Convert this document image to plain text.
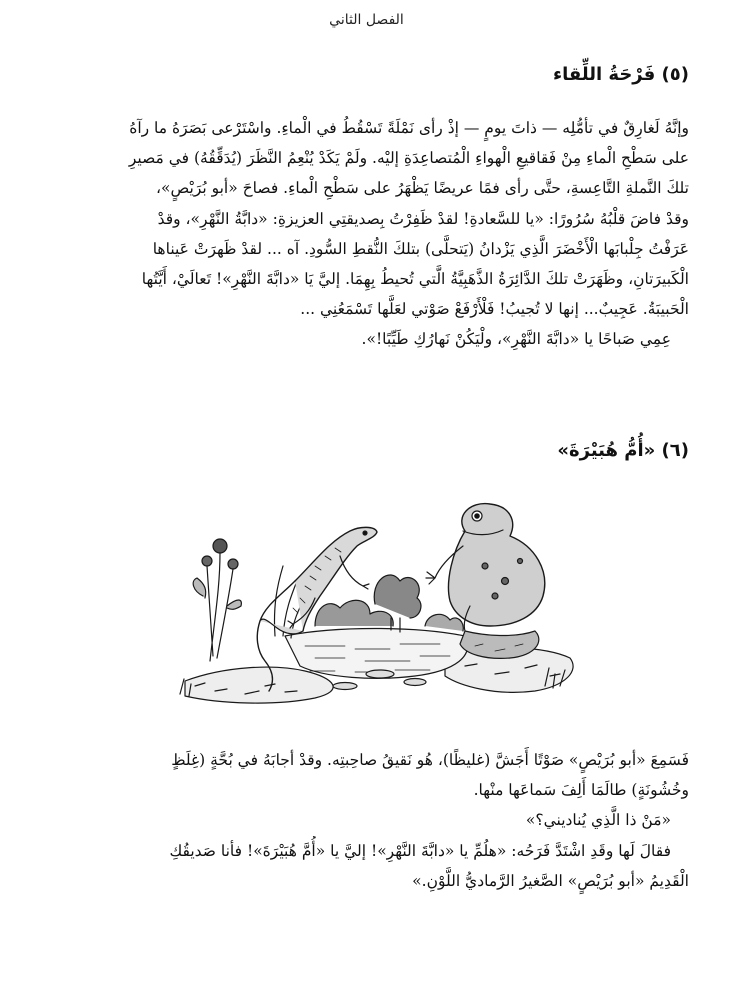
الفصل الثاني
(٥) فَرْحَةُ اللِّقاء
وإنَّهُ لَغارِقٌ في تأمُّلِه — ذاتَ يومٍ — إذْ رأى نَمْلَةً تَسْقُطُ في الْماءِ. واسْتَرْعى بَصَرَهُ ما رآهُ
على سَطْحِ الْماءِ مِنْ فَقاقيعِ الْهواءِ الْمُتصاعِدَةِ إليْه. ولَمْ يَكَدْ يُنْعِمُ النَّظَرَ (يُدَقِّقُهُ) في مَصيرِ
تلكَ النَّملةِ التَّاعِسةِ، حتَّى رأى فمًا عريضًا يَظْهَرُ على سَطْحِ الْماءِ. فصاحَ «أبو بُرَيْصٍ»،
وقدْ فاضَ قلْبُهُ سُرُورًا: «يا للسَّعادةِ! لقدْ ظَفِرْتُ بِصديقتِي العزيزةِ: «دابَّةُ النَّهْرِ»، وقدْ
عَرَفْتُ جِلْبابَها الْأَخْضَرَ الَّذِي يَزْدانُ (يَتحلَّى) بتلكَ النُّقطِ السُّودِ. آه ... لقدْ ظَهرَتْ عَيناها
الْكَبيرَتانِ، وظَهَرَتْ تلكَ الدَّائِرَةُ الذَّهَبِيَّةُ الَّتي تُحيطُ بِهِمَا. إليَّ يَا «دابَّةَ النَّهْرِ»! تَعالَيْ، أَيَّتُها
الْحَبيبَةُ. عَجِيبٌ... إنها لا تُجيبُ! فَلْأَرْفَعْ صَوْتي لعَلَّها تَسْمَعُنِي ...
عِمِي صَباحًا يا «دابَّةَ النَّهْرِ»، ولْيَكُنْ نَهارُكِ طَيِّبًا!».
(٦) «أُمُّ هُبَيْرَةَ»
فَسَمِعَ «أبو بُرَيْصٍ» صَوْتًا أَجَشَّ (غليظًا)، هُو نَقيقُ صاحِبتِه. وقدْ أجابَهُ في بُحَّةٍ (غِلَظٍ
وخُشُونَةٍ) طالَمَا أَلِفَ سَماعَها منْها.
«مَنْ ذا الَّذِي يُناديني؟»
فقالَ لَها وقَدِ اشْتَدَّ فَرَحُه: «هلُمِّ يا «دابَّةَ النَّهْرِ»! إليَّ يا «أُمَّ هُبَيْرَةَ»! فأنا صَديقُكِ
الْقَدِيمُ «أبو بُرَيْصٍ» الصَّغيرُ الرَّماديُّ اللَّوْنِ.»
